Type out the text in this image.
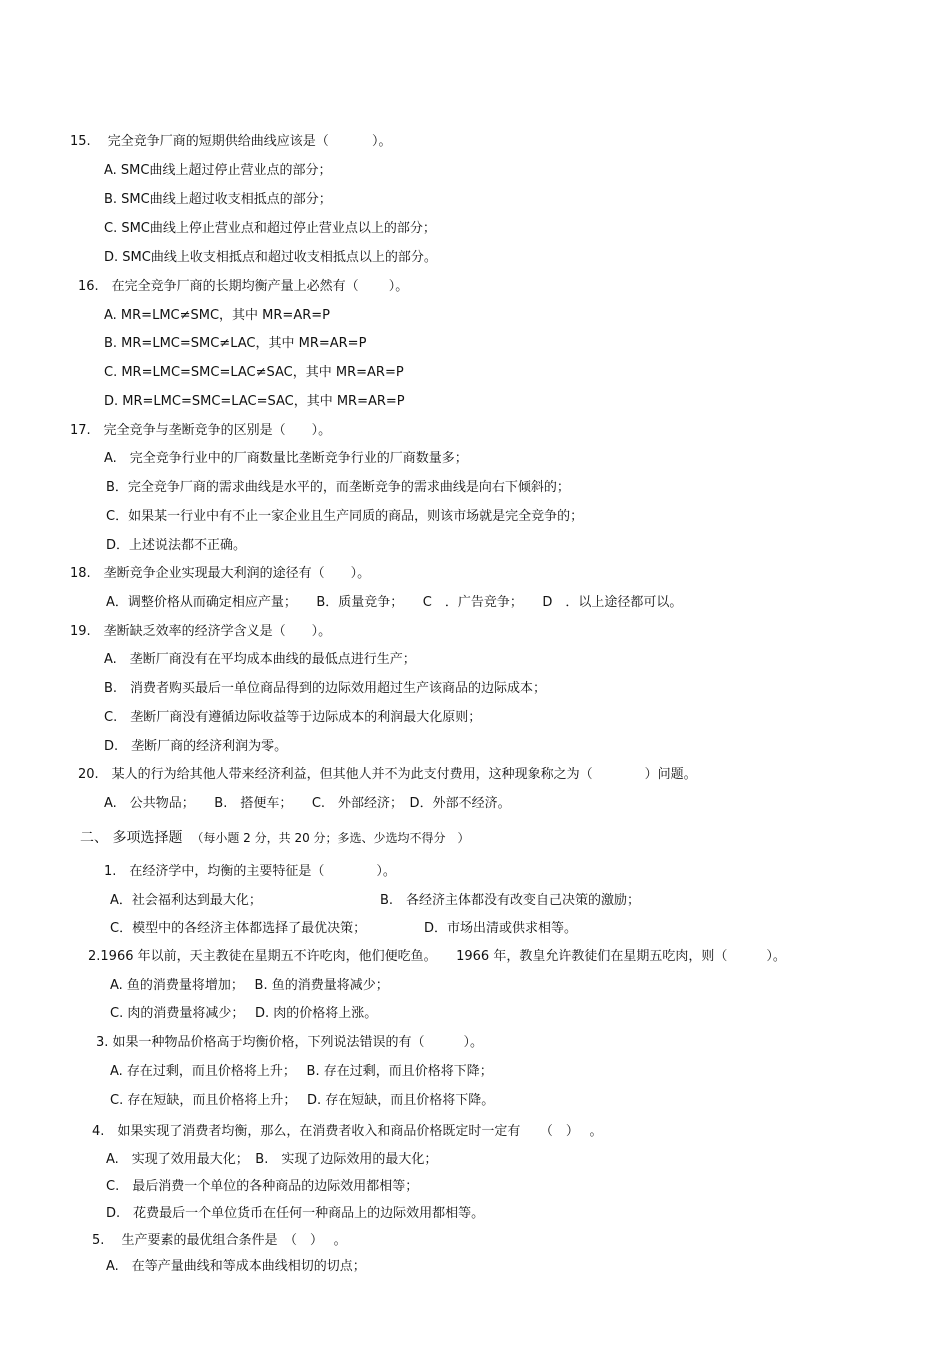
15.　 完全竞争厂商的短期供给曲线应该是（　　　 ）。
A. SMC曲线上超过停止营业点的部分；
B. SMC曲线上超过收支相抵点的部分；
C. SMC曲线上停止营业点和超过停止营业点以上的部分；
D. SMC曲线上收支相抵点和超过收支相抵点以上的部分。
16.　在完全竞争厂商的长期均衡产量上必然有（　　 ）。
A. MR=LMC≠SMC，其中 MR=AR=P
B. MR=LMC=SMC≠LAC，其中 MR=AR=P
C. MR=LMC=SMC=LAC≠SAC，其中 MR=AR=P
D. MR=LMC=SMC=LAC=SAC，其中 MR=AR=P
17.　完全竞争与垄断竞争的区别是（　　）。
A.　完全竞争行业中的厂商数量比垄断竞争行业的厂商数量多；
B．完全竞争厂商的需求曲线是水平的，而垄断竞争的需求曲线是向右下倾斜的；
C．如果某一行业中有不止一家企业且生产同质的商品，则该市场就是完全竞争的；
D．上述说法都不正确。
18.　垄断竞争企业实现最大利润的途径有（　　）。
A．调整价格从而确定相应产量；　　B．质量竞争；　　C　．广告竞争；　　D　．以上途径都可以。
19.　垄断缺乏效率的经济学含义是（　　）。
A.　垄断厂商没有在平均成本曲线的最低点进行生产；
B.　消费者购买最后一单位商品得到的边际效用超过生产该商品的边际成本；
C.　垄断厂商没有遵循边际收益等于边际成本的利润最大化原则；
D.　垄断厂商的经济利润为零。
20.　某人的行为给其他人带来经济利益，但其他人并不为此支付费用，这种现象称之为（　　　　）问题。
A.　公共物品；　　B.　搭便车；　　C.　外部经济；　D．外部不经济。
二、 多项选择题 （每小题 2 分，共 20 分；多选、少选均不得分　）
1.　在经济学中，均衡的主要特征是（　　　　）。
A．社会福利达到最大化；	B.　各经济主体都没有改变自己决策的激励；
C．模型中的各经济主体都选择了最优决策；	D．市场出清或供求相等。
2.1966 年以前，天主教徒在星期五不许吃肉，他们便吃鱼。　　1966 年，教皇允许教徒们在星期五吃肉，则（　　　）。
A. 鱼的消费量将增加；　 B. 鱼的消费量将减少；
C. 肉的消费量将减少；　 D. 肉的价格将上涨。
3. 如果一种物品价格高于均衡价格，下列说法错误的有（　　　）。
A. 存在过剩，而且价格将上升；　 B. 存在过剩，而且价格将下降；
C. 存在短缺，而且价格将上升；　 D. 存在短缺，而且价格将下降。
4.　如果实现了消费者均衡，那么，在消费者收入和商品价格既定时一定有　　（　）　 。
A.　实现了效用最大化；　B.　实现了边际效用的最大化；
C.　最后消费一个单位的各种商品的边际效用都相等；
D.　花费最后一个单位货币在任何一种商品上的边际效用都相等。
5.　 生产要素的最优组合条件是　（　）　 。
A.　在等产量曲线和等成本曲线相切的切点；
